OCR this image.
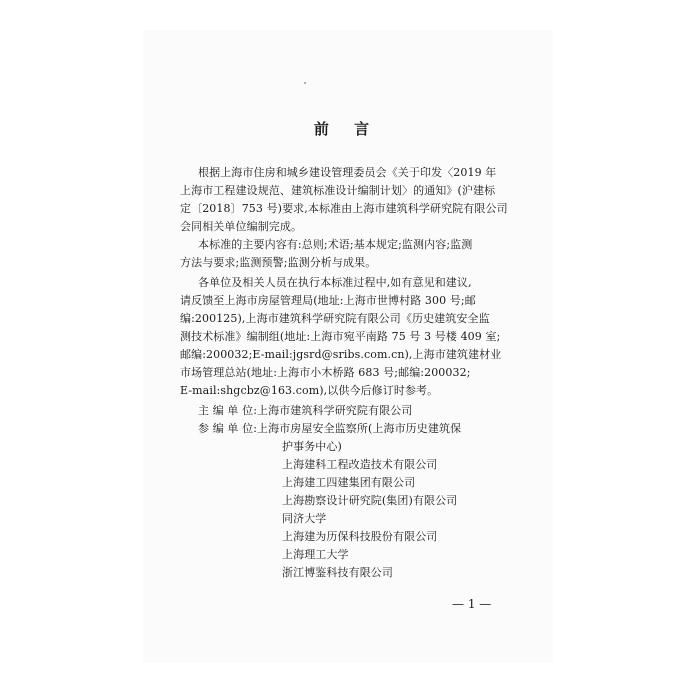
前 言
根据上海市住房和城乡建设管理委员会《关于印发〈2019 年
上海市工程建设规范、建筑标准设计编制计划〉的通知》(沪建标
定〔2018〕753 号)要求,本标准由上海市建筑科学研究院有限公司
会同相关单位编制完成。
本标准的主要内容有:总则;术语;基本规定;监测内容;监测
方法与要求;监测预警;监测分析与成果。
各单位及相关人员在执行本标准过程中,如有意见和建议,
请反馈至上海市房屋管理局(地址:上海市世博村路 300 号;邮
编:200125),上海市建筑科学研究院有限公司《历史建筑安全监
测技术标准》编制组(地址:上海市宛平南路 75 号 3 号楼 409 室;
邮编:200032;E-mail:jgsrd@sribs.com.cn),上海市建筑建材业
市场管理总站(地址:上海市小木桥路 683 号;邮编:200032;
E-mail:shgcbz@163.com),以供今后修订时参考。
主 编 单 位:上海市建筑科学研究院有限公司
参 编 单 位:上海市房屋安全监察所(上海市历史建筑保
护事务中心)
上海建科工程改造技术有限公司
上海建工四建集团有限公司
上海勘察设计研究院(集团)有限公司
同济大学
上海建为历保科技股份有限公司
上海理工大学
浙江博鉴科技有限公司
— 1 —
